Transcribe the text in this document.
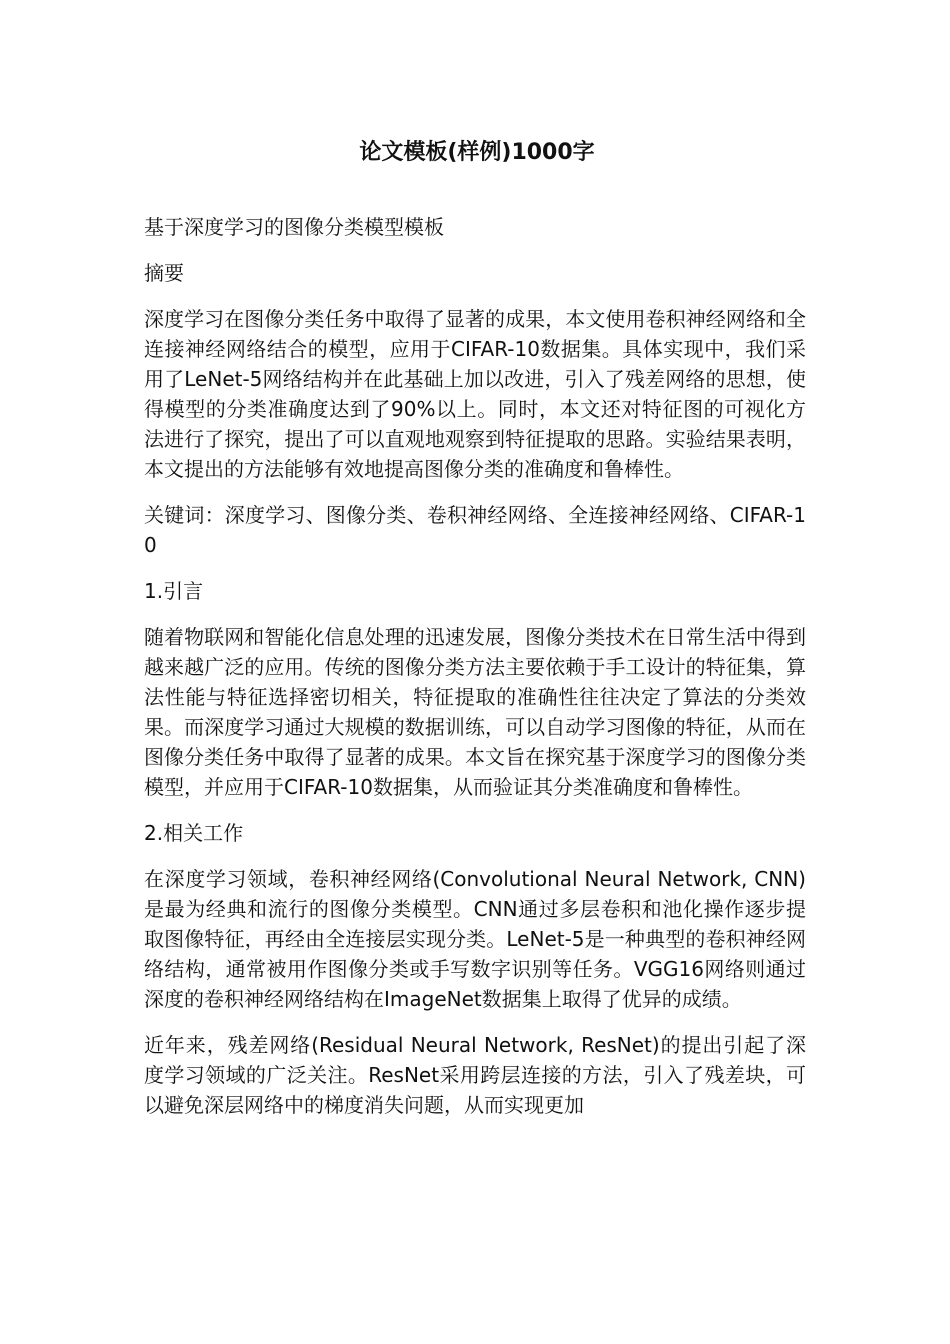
论文模板(样例)1000字

基于深度学习的图像分类模型模板

摘要

深度学习在图像分类任务中取得了显著的成果，本文使用卷积神经网络和全连接神经网络结合的模型，应用于CIFAR-10数据集。具体实现中，我们采用了LeNet-5网络结构并在此基础上加以改进，引入了残差网络的思想，使得模型的分类准确度达到了90%以上。同时，本文还对特征图的可视化方法进行了探究，提出了可以直观地观察到特征提取的思路。实验结果表明，本文提出的方法能够有效地提高图像分类的准确度和鲁棒性。

关键词：深度学习、图像分类、卷积神经网络、全连接神经网络、CIFAR-10

1.引言

随着物联网和智能化信息处理的迅速发展，图像分类技术在日常生活中得到越来越广泛的应用。传统的图像分类方法主要依赖于手工设计的特征集，算法性能与特征选择密切相关，特征提取的准确性往往决定了算法的分类效果。而深度学习通过大规模的数据训练，可以自动学习图像的特征，从而在图像分类任务中取得了显著的成果。本文旨在探究基于深度学习的图像分类模型，并应用于CIFAR-10数据集，从而验证其分类准确度和鲁棒性。

2.相关工作

在深度学习领域，卷积神经网络(Convolutional Neural Network, CNN)是最为经典和流行的图像分类模型。CNN通过多层卷积和池化操作逐步提取图像特征，再经由全连接层实现分类。LeNet-5是一种典型的卷积神经网络结构，通常被用作图像分类或手写数字识别等任务。VGG16网络则通过深度的卷积神经网络结构在ImageNet数据集上取得了优异的成绩。

近年来，残差网络(Residual Neural Network, ResNet)的提出引起了深度学习领域的广泛关注。ResNet采用跨层连接的方法，引入了残差块，可以避免深层网络中的梯度消失问题，从而实现更加
